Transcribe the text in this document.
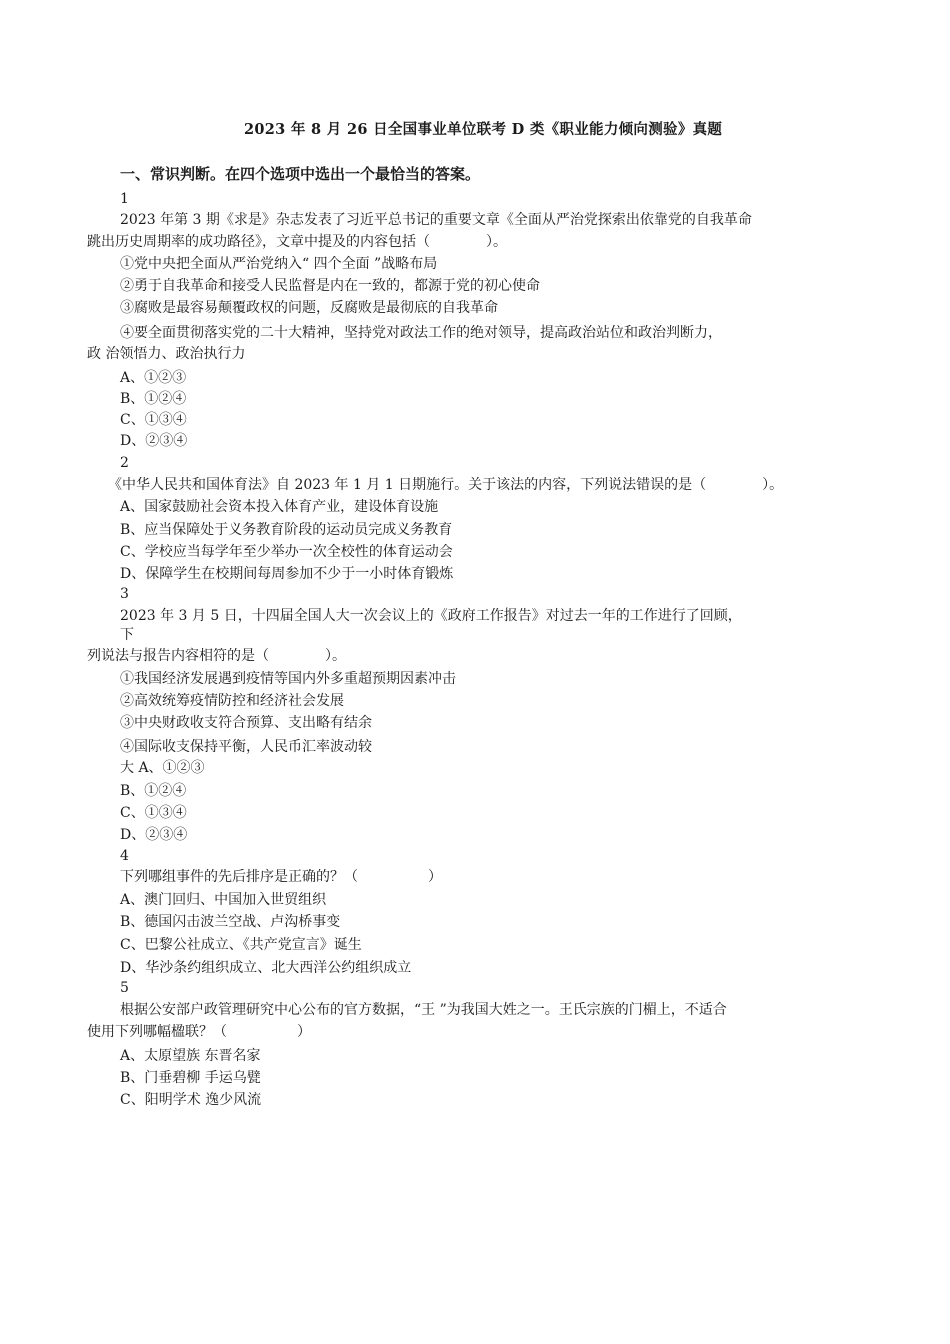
2023 年 8 月 26 日全国事业单位联考 D 类《职业能力倾向测验》真题
一、常识判断。在四个选项中选出一个最恰当的答案。
1
2023 年第 3 期《求是》杂志发表了习近平总书记的重要文章《全面从严治党探索出依靠党的自我革命
跳出历史周期率的成功路径》，文章中提及的内容包括（　　　　）。
①党中央把全面从严治党纳入“ 四个全面 ”战略布局
②勇于自我革命和接受人民监督是内在一致的，都源于党的初心使命
③腐败是最容易颠覆政权的问题，反腐败是最彻底的自我革命
④要全面贯彻落实党的二十大精神，坚持党对政法工作的绝对领导，提高政治站位和政治判断力，
政 治领悟力、政治执行力
A、①②③
B、①②④
C、①③④
D、②③④
2
《中华人民共和国体育法》自 2023 年 1 月 1 日期施行。关于该法的内容，下列说法错误的是（　　　　）。
A、国家鼓励社会资本投入体育产业，建设体育设施
B、应当保障处于义务教育阶段的运动员完成义务教育
C、学校应当每学年至少举办一次全校性的体育运动会
D、保障学生在校期间每周参加不少于一小时体育锻炼
3
2023 年 3 月 5 日，十四届全国人大一次会议上的《政府工作报告》对过去一年的工作进行了回顾，
下
列说法与报告内容相符的是（　　　　）。
①我国经济发展遇到疫情等国内外多重超预期因素冲击
②高效统筹疫情防控和经济社会发展
③中央财政收支符合预算、支出略有结余
④国际收支保持平衡，人民币汇率波动较
大 A、①②③
B、①②④
C、①③④
D、②③④
4
下列哪组事件的先后排序是正确的？（　　　　　）
A、澳门回归、中国加入世贸组织
B、德国闪击波兰空战、卢沟桥事变
C、巴黎公社成立、《共产党宣言》诞生
D、华沙条约组织成立、北大西洋公约组织成立
5
根据公安部户政管理研究中心公布的官方数据，“王 ”为我国大姓之一。王氏宗族的门楣上，不适合
使用下列哪幅楹联？（　　　　　）
A、太原望族 东晋名家
B、门垂碧柳 手运乌甓
C、阳明学术 逸少风流
